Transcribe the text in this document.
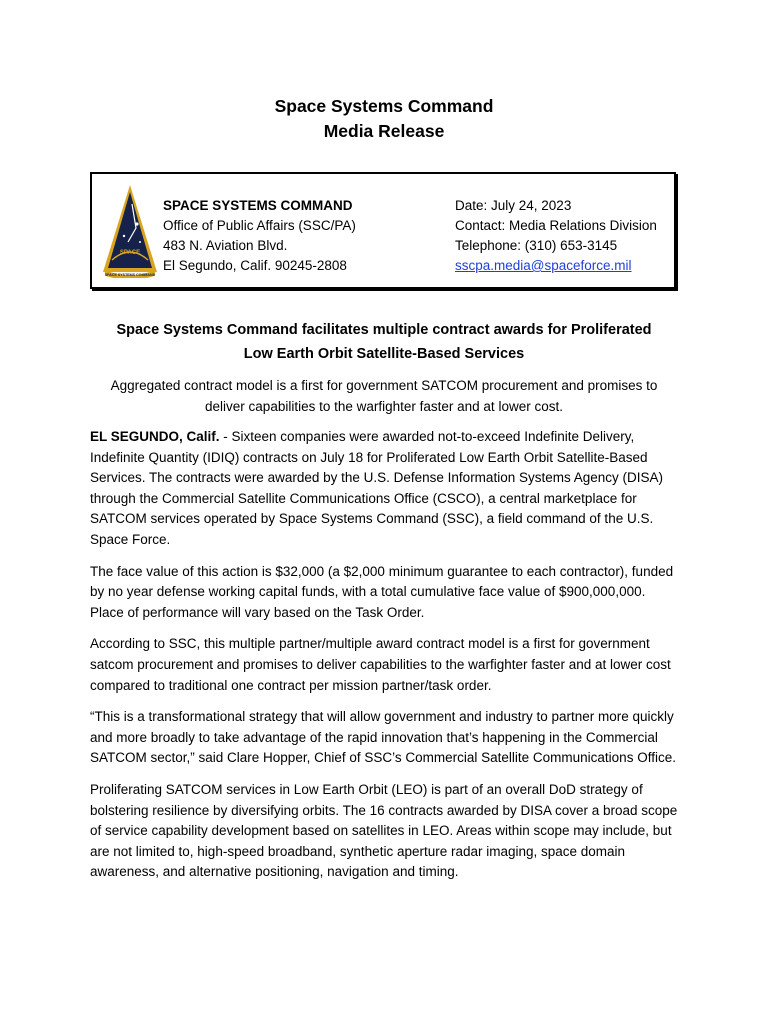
Space Systems Command
Media Release
SPACE
SPACE SYSTEMS COMMAND
SPACE SYSTEMS COMMAND
Office of Public Affairs (SSC/PA)
483 N. Aviation Blvd.
El Segundo, Calif. 90245-2808
Date: July 24, 2023
Contact: Media Relations Division
Telephone: (310) 653-3145
sscpa.media@spaceforce.mil
Space Systems Command facilitates multiple contract awards for Proliferated
Low Earth Orbit Satellite-Based Services
Aggregated contract model is a first for government SATCOM procurement and promises to
deliver capabilities to the warfighter faster and at lower cost.

EL SEGUNDO, Calif. - Sixteen companies were awarded not-to-exceed Indefinite Delivery, Indefinite Quantity (IDIQ) contracts on July 18 for Proliferated Low Earth Orbit Satellite-Based Services. The contracts were awarded by the U.S. Defense Information Systems Agency (DISA) through the Commercial Satellite Communications Office (CSCO), a central marketplace for SATCOM services operated by Space Systems Command (SSC), a field command of the U.S. Space Force.

The face value of this action is $32,000 (a $2,000 minimum guarantee to each contractor), funded by no year defense working capital funds, with a total cumulative face value of $900,000,000. Place of performance will vary based on the Task Order.

According to SSC, this multiple partner/multiple award contract model is a first for government satcom procurement and promises to deliver capabilities to the warfighter faster and at lower cost compared to traditional one contract per mission partner/task order.

“This is a transformational strategy that will allow government and industry to partner more quickly and more broadly to take advantage of the rapid innovation that’s happening in the Commercial SATCOM sector,” said Clare Hopper, Chief of SSC’s Commercial Satellite Communications Office.

Proliferating SATCOM services in Low Earth Orbit (LEO) is part of an overall DoD strategy of bolstering resilience by diversifying orbits. The 16 contracts awarded by DISA cover a broad scope of service capability development based on satellites in LEO. Areas within scope may include, but are not limited to, high-speed broadband, synthetic aperture radar imaging, space domain awareness, and alternative positioning, navigation and timing.
